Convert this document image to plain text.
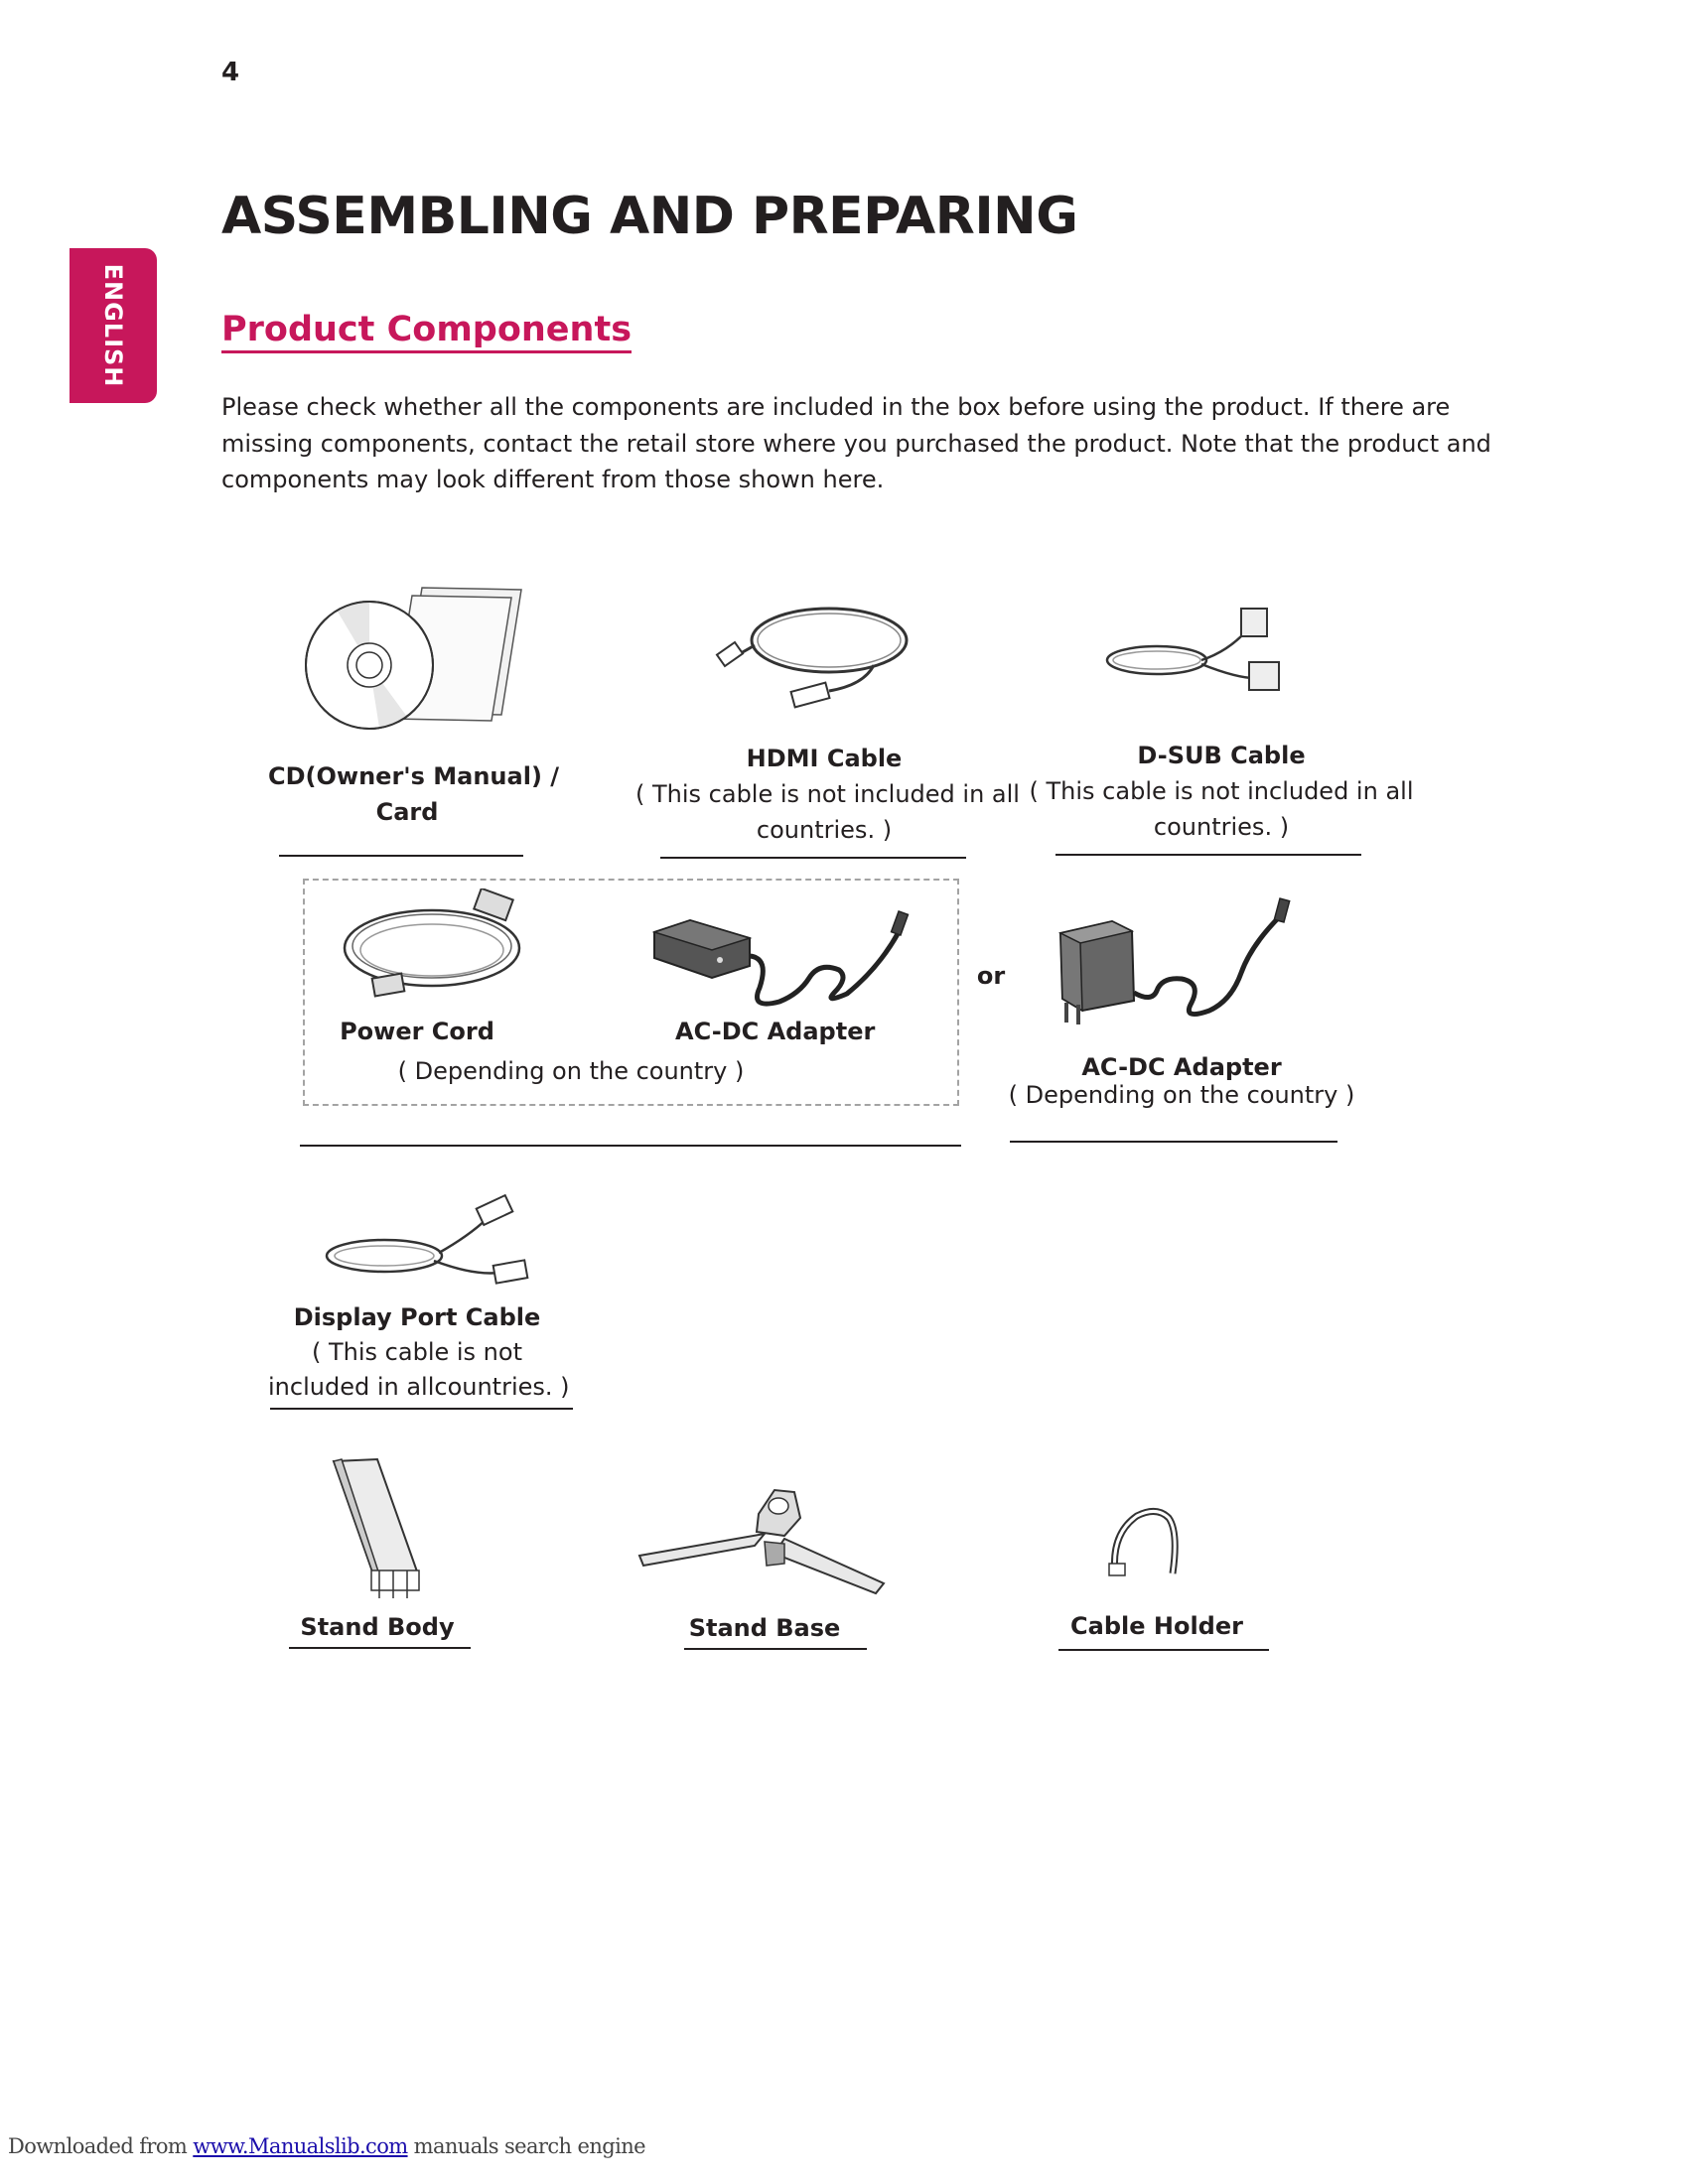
4
ENGLISH
ASSEMBLING AND PREPARING
Product Components
Please check whether all the components are included in the box before using the product. If there are missing components, contact the retail store where you purchased the product. Note that the product and components may look different from those shown here.
CD(Owner's Manual) /
Card
HDMI Cable
( This cable is not included in all
countries. )
D-SUB Cable
( This cable is not included in all
countries. )
Power Cord	AC-DC Adapter
( Depending on the country )
or
AC-DC Adapter
( Depending on the country )
Display Port Cable
( This cable is not
included in allcountries. )
Stand Body	Stand Base	Cable Holder
Downloaded from www.Manualslib.com manuals search engine
